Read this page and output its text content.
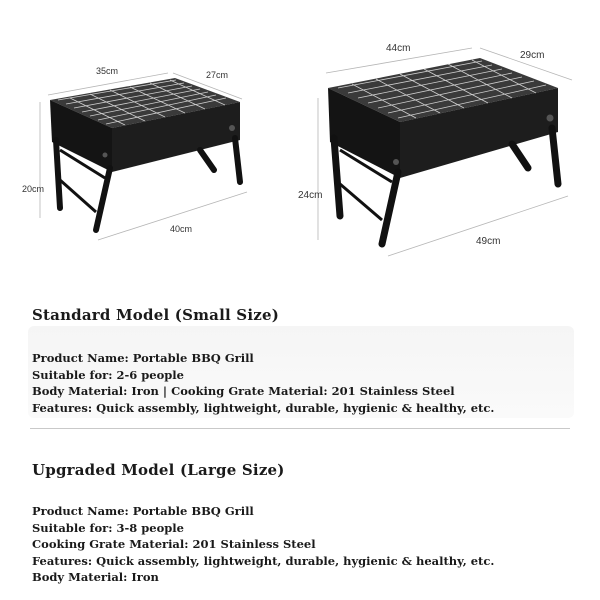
35cm	27cm
20cm
40cm
44cm
29cm
24cm
49cm
Standard Model (Small Size)
Product Name: Portable BBQ Grill
Suitable for: 2-6 people
Body Material: Iron | Cooking Grate Material: 201 Stainless Steel
Features: Quick assembly, lightweight, durable, hygienic & healthy, etc.
Upgraded Model (Large Size)
Product Name: Portable BBQ Grill
Suitable for: 3-8 people
Cooking Grate Material: 201 Stainless Steel
Features: Quick assembly, lightweight, durable, hygienic & healthy, etc.
Body Material: Iron
